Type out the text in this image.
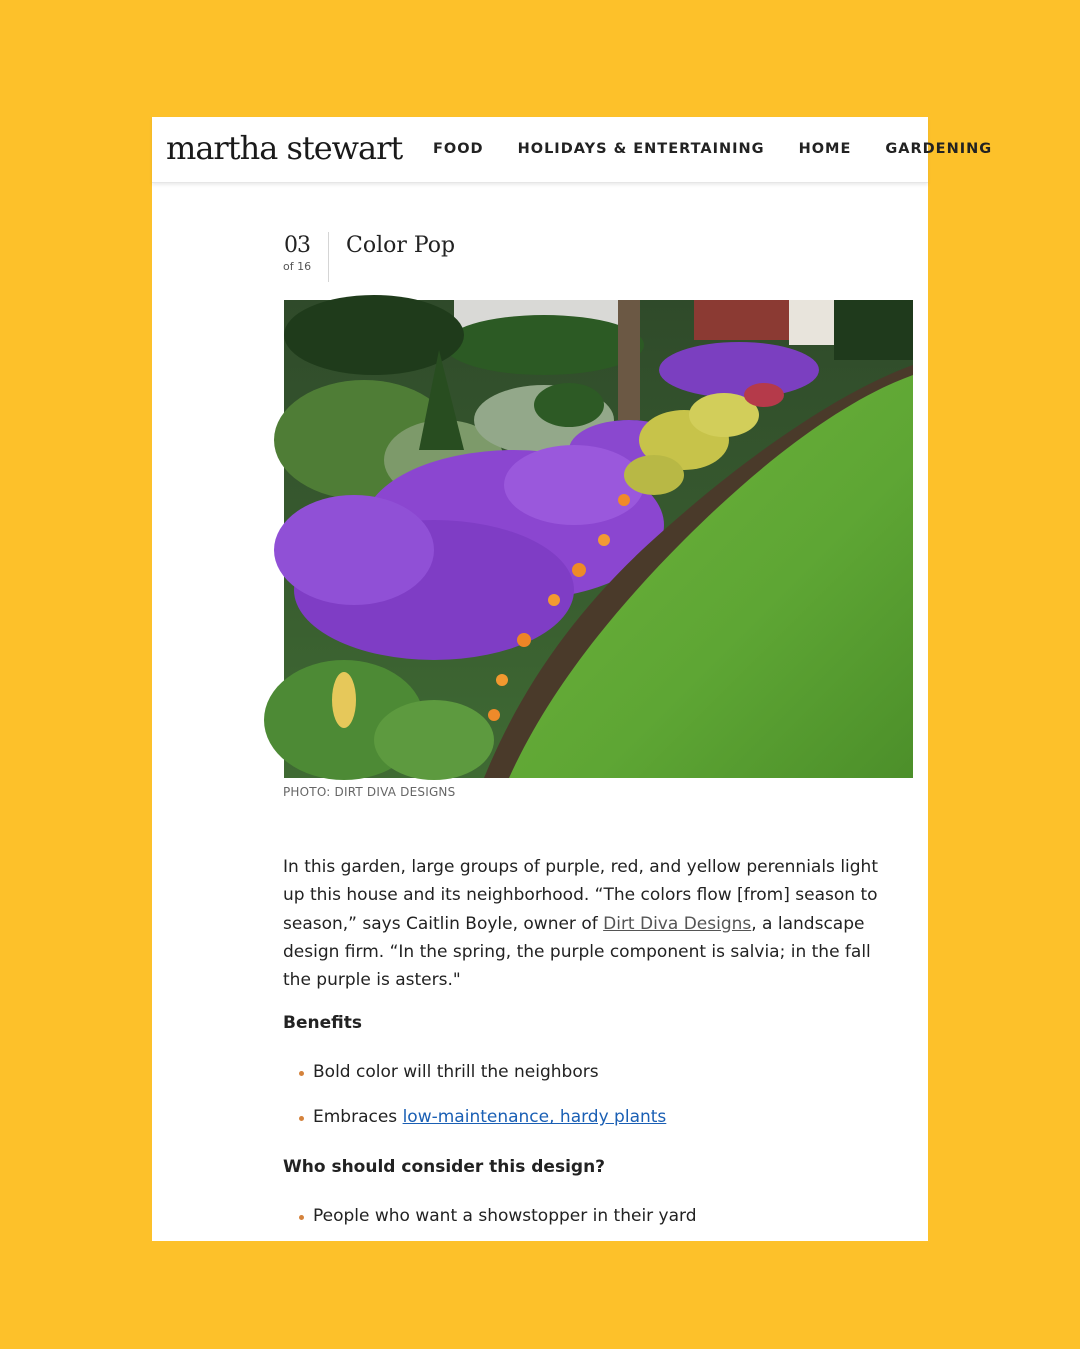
martha stewart FOOD HOLIDAYS & ENTERTAINING HOME GARDENING
03
of 16
Color Pop
PHOTO: DIRT DIVA DESIGNS

In this garden, large groups of purple, red, and yellow perennials light up this house and its neighborhood. “The colors flow [from] season to season,” says Caitlin Boyle, owner of Dirt Diva Designs, a landscape design firm. “In the spring, the purple component is salvia; in the fall the purple is asters."

Benefits
Bold color will thrill the neighbors
Embraces low-maintenance, hardy plants
Who should consider this design?
People who want a showstopper in their yard
